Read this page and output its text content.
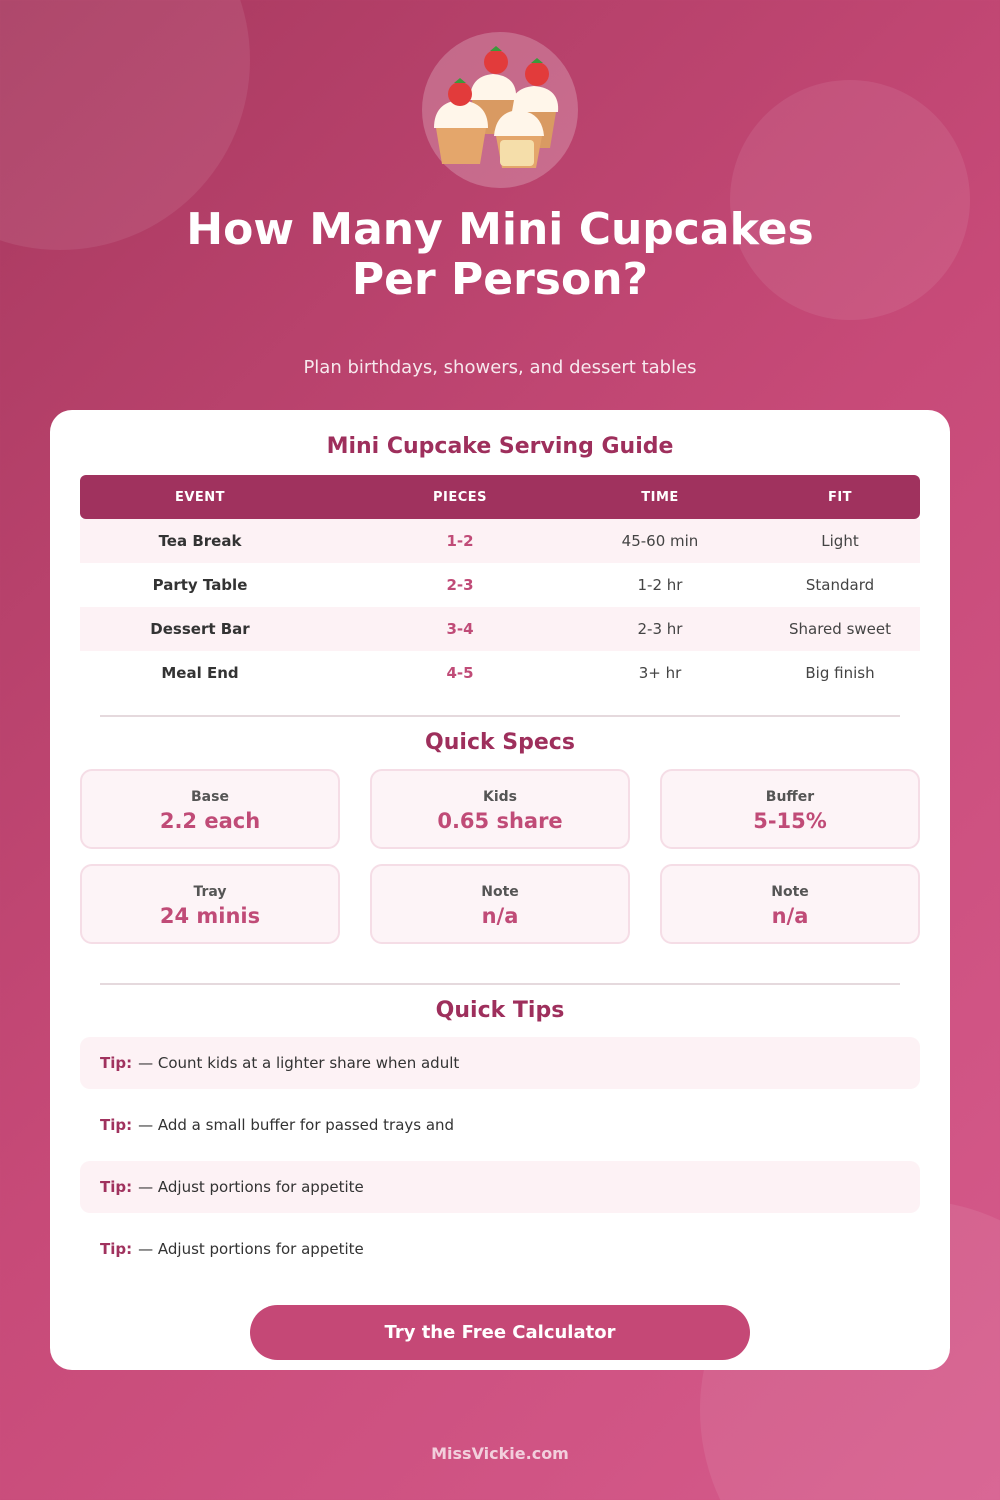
How Many Mini Cupcakes
Per Person?
Plan birthdays, showers, and dessert tables
Mini Cupcake Serving Guide
EVENT	PIECES	TIME	FIT
Tea Break	1-2	45-60 min	Light
Party Table	2-3	1-2 hr	Standard
Dessert Bar	3-4	2-3 hr	Shared sweet
Meal End	4-5	3+ hr	Big finish
Quick Specs
Base
2.2 each
Kids
0.65 share
Buffer
5-15%
Tray
24 minis
Note
n/a
Note
n/a
Quick Tips
Tip: — Count kids at a lighter share when adult
Tip: — Add a small buffer for passed trays and
Tip: — Adjust portions for appetite
Tip: — Adjust portions for appetite
Try the Free Calculator
MissVickie.com
